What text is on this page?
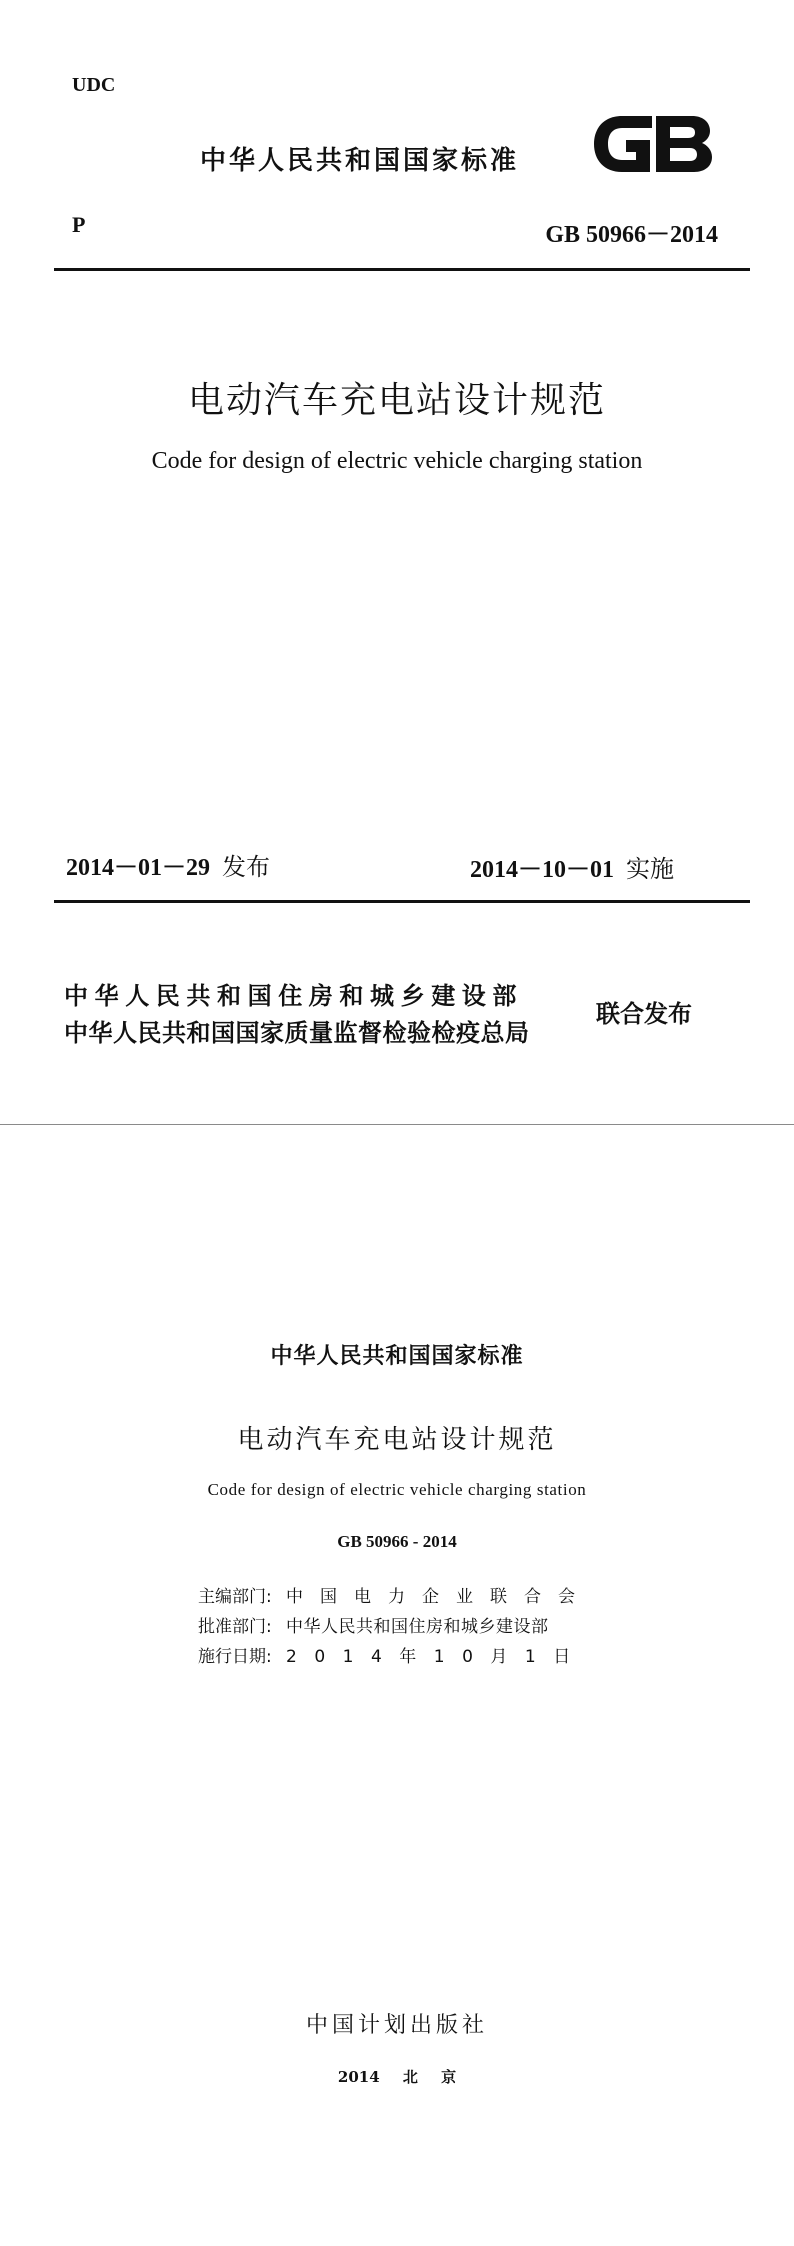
UDC
中华人民共和国国家标准
GB
P	GB 50966－2014
电动汽车充电站设计规范
Code for design of electric vehicle charging station
2014－01－29 发布	2014－10－01 实施
中华人民共和国住房和城乡建设部
中华人民共和国国家质量监督检验检疫总局
联合发布
中华人民共和国国家标准
电动汽车充电站设计规范
Code for design of electric vehicle charging station
GB 50966 - 2014
主编部门: 中国电力企业联合会
批准部门: 中华人民共和国住房和城乡建设部
施行日期: 2014年10月1日
中国计划出版社
2014 北 京
